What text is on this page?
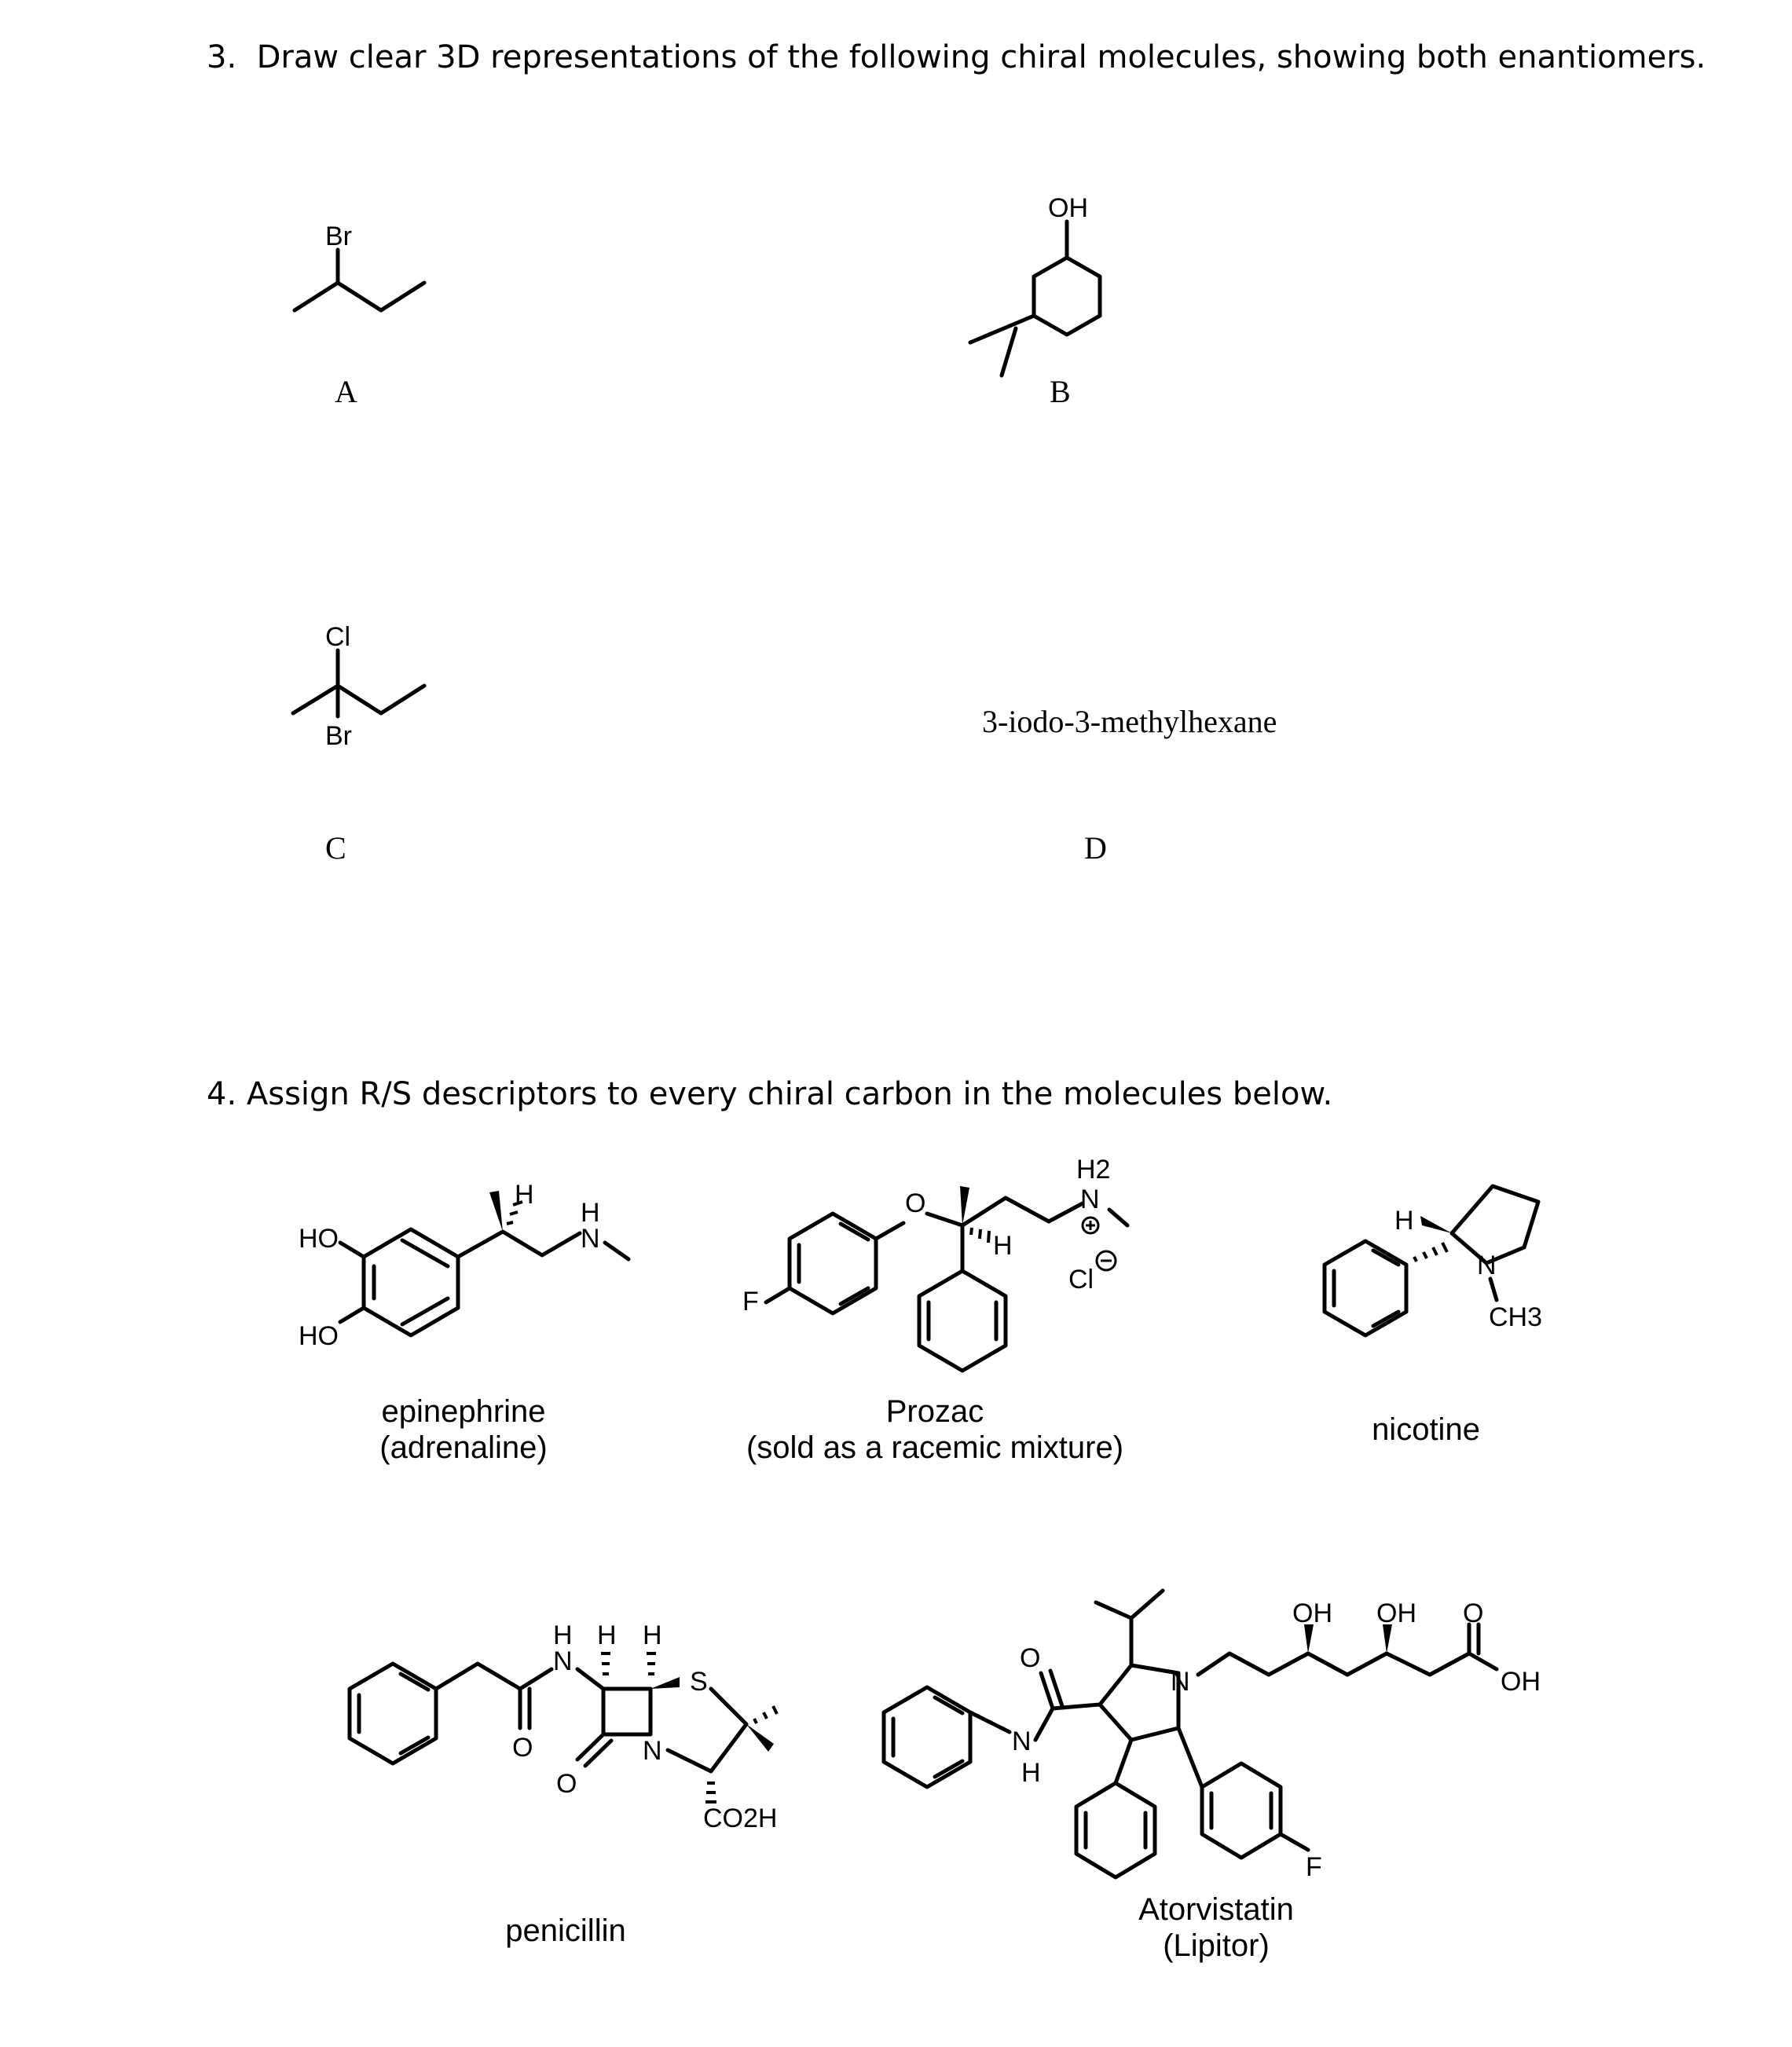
3. Draw clear 3D representations of the following chiral molecules, showing both enantiomers.
4. Assign R/S descriptors to every chiral carbon in the molecules below.
Br
OH
Cl
Br
HO
HO
H
H
N
F
O
H
H2
N
Cl
H
N
CH3
O
H
N
H H
S
N
O
CO2H
N
H
O
N
F
OH OH O
OH
A	B
C
3-iodo-3-methylhexane
D
epinephrine
(adrenaline)
Prozac
(sold as a racemic mixture)
nicotine
penicillin
Atorvistatin
(Lipitor)
